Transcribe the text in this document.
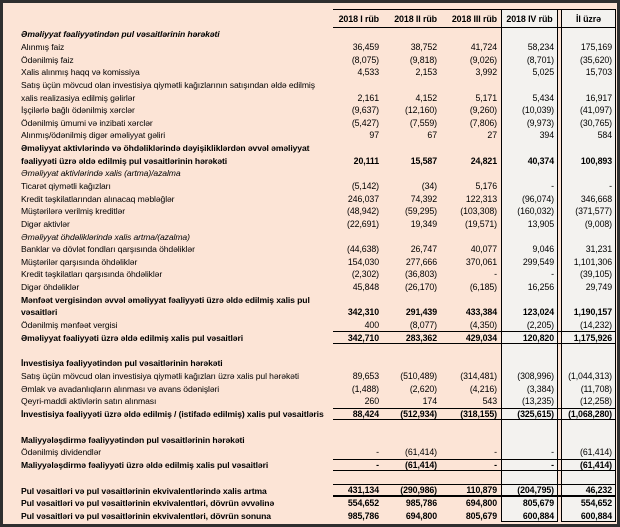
2018 I rüb	2018 II rüb	2018 III rüb	2018 IV rüb	İl üzrə
Əməliyyat fəaliyyətindən pul vəsaitlərinin hərəkəti
Alınmış faiz	36,459	38,752	41,724	58,234	175,169
Ödənilmiş faiz	(8,075)	(9,818)	(9,026)	(8,701)	(35,620)
Xalis alınmış haqq və komissiya	4,533	2,153	3,992	5,025	15,703
Satış üçün mövcud olan investisiya qiymətli kağızlarının satışından əldə edilmiş
xalis realizasiya edilmiş gəlirlər	2,161	4,152	5,171	5,434	16,917
İşçilərlə bağlı ödənilmiş xərclər	(9,637)	(12,160)	(9,260)	(10,039)	(41,097)
Ödənilmiş ümumi və inzibati xərclər	(5,427)	(7,559)	(7,806)	(9,973)	(30,765)
Alınmış/ödənilmiş digər əməliyyat gəliri	97	67	27	394	584
Əməliyyat aktivlərində və öhdəliklərində dəyişikliklərdən əvvəl əməliyyat
fəaliyyəti üzrə əldə edilmiş pul vəsaitlərinin hərəkəti	20,111	15,587	24,821	40,374	100,893
Əməliyyat aktivlərində xalis (artma)/azalma
Ticarət qiymətli kağızları	(5,142)	(34)	5,176	-	-
Kredit təşkilatlarından alınacaq məbləğlər	246,037	74,392	122,313	(96,074)	346,668
Müştərilərə verilmiş kreditlər	(48,942)	(59,295)	(103,308)	(160,032)	(371,577)
Digər aktivlər	(22,691)	19,349	(19,571)	13,905	(9,008)
Əməliyyat öhdəliklərində xalis artma/(azalma)
Banklar və dövlət fondları qarşısında öhdəliklər	(44,638)	26,747	40,077	9,046	31,231
Müştərilər qarşısında öhdəliklər	154,030	277,666	370,061	299,549	1,101,306
Kredit təşkilatları qarşısında öhdəliklər	(2,302)	(36,803)	-	-	(39,105)
Digər öhdəliklər	45,848	(26,170)	(6,185)	16,256	29,749
Mənfəət vergisindən əvvəl əməliyyat fəaliyyəti üzrə əldə edilmiş xalis pul
vəsaitləri	342,310	291,439	433,384	123,024	1,190,157
Ödənilmiş mənfəət vergisi	400	(8,077)	(4,350)	(2,205)	(14,232)
Əməliyyat fəaliyyəti üzrə əldə edilmiş xalis pul vəsaitləri	342,710	283,362	429,034	120,820	1,175,926
İnvestisiya fəaliyyətindən pul vəsaitlərinin hərəkəti
Satış üçün mövcud olan investisiya qiymətli kağızları üzrə xalis pul hərəkəti	89,653	(510,489)	(314,481)	(308,996)	(1,044,313)
Əmlak və avadanlıqların alınması və avans ödənişləri	(1,488)	(2,620)	(4,216)	(3,384)	(11,708)
Qeyri-maddi aktivlərin satın alınması	260	174	543	(13,235)	(12,258)
İnvestisiya fəaliyyəti üzrə əldə edilmiş / (istifadə edilmiş) xalis pul vəsaitləris	88,424	(512,934)	(318,155)	(325,615)	(1,068,280)
Maliyyələşdirmə fəaliyyətindən pul vəsaitlərinin hərəkəti
Ödənilmiş dividendlər	-	(61,414)	-	-	(61,414)
Maliyyələşdirmə fəaliyyəti üzrə əldə edilmiş xalis pul vəsaitləri	-	(61,414)	-	-	(61,414)
Pul vəsaitləri və pul vəsaitlərinin ekvivalentlərində xalis artma	431,134	(290,986)	110,879	(204,795)	46,232
Pul vəsaitləri və pul vəsaitlərinin ekvivalentləri, dövrün əvvəlinə	554,652	985,786	694,800	805,679	554,652
Pul vəsaitləri və pul vəsaitlərinin ekvivalentləri, dövrün sonuna	985,786	694,800	805,679	600,884	600,884
